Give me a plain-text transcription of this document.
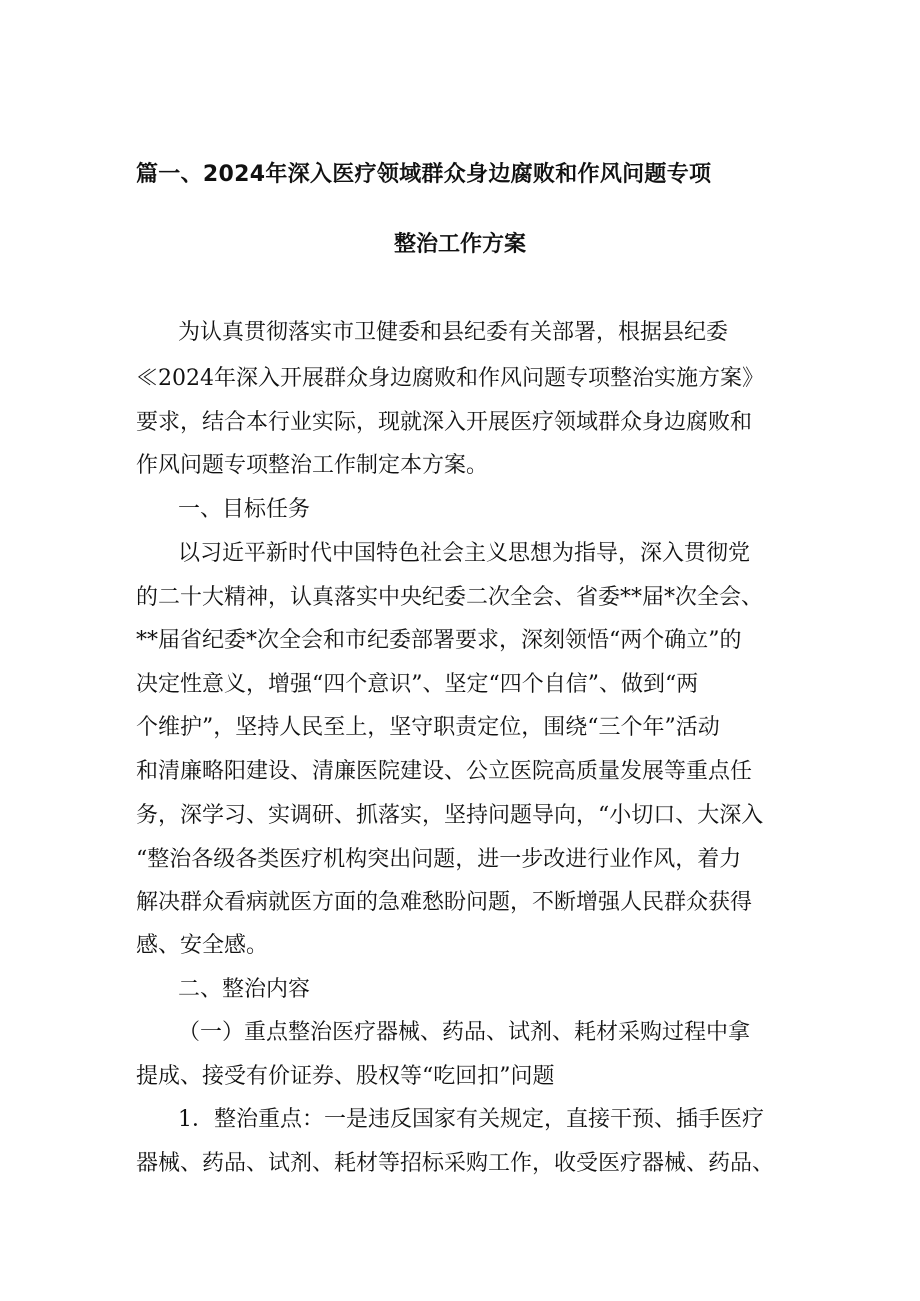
篇一、2024年深入医疗领域群众身边腐败和作风问题专项
整治工作方案
为认真贯彻落实市卫健委和县纪委有关部署，根据县纪委
≪2024年深入开展群众身边腐败和作风问题专项整治实施方案》
要求，结合本行业实际，现就深入开展医疗领域群众身边腐败和
作风问题专项整治工作制定本方案。
一、目标任务
以习近平新时代中国特色社会主义思想为指导，深入贯彻党
的二十大精神，认真落实中央纪委二次全会、省委**届*次全会、
**届省纪委*次全会和市纪委部署要求，深刻领悟“两个确立”的
决定性意义，增强“四个意识”、坚定“四个自信”、做到“两
个维护”，坚持人民至上，坚守职责定位，围绕“三个年”活动
和清廉略阳建设、清廉医院建设、公立医院高质量发展等重点任
务，深学习、实调研、抓落实，坚持问题导向，“小切口、大深入
“整治各级各类医疗机构突出问题，进一步改进行业作风，着力
解决群众看病就医方面的急难愁盼问题，不断增强人民群众获得
感、安全感。
二、整治内容
（一）重点整治医疗器械、药品、试剂、耗材采购过程中拿
提成、接受有价证券、股权等“吃回扣”问题
1．整治重点：一是违反国家有关规定，直接干预、插手医疗
器械、药品、试剂、耗材等招标采购工作，收受医疗器械、药品、
